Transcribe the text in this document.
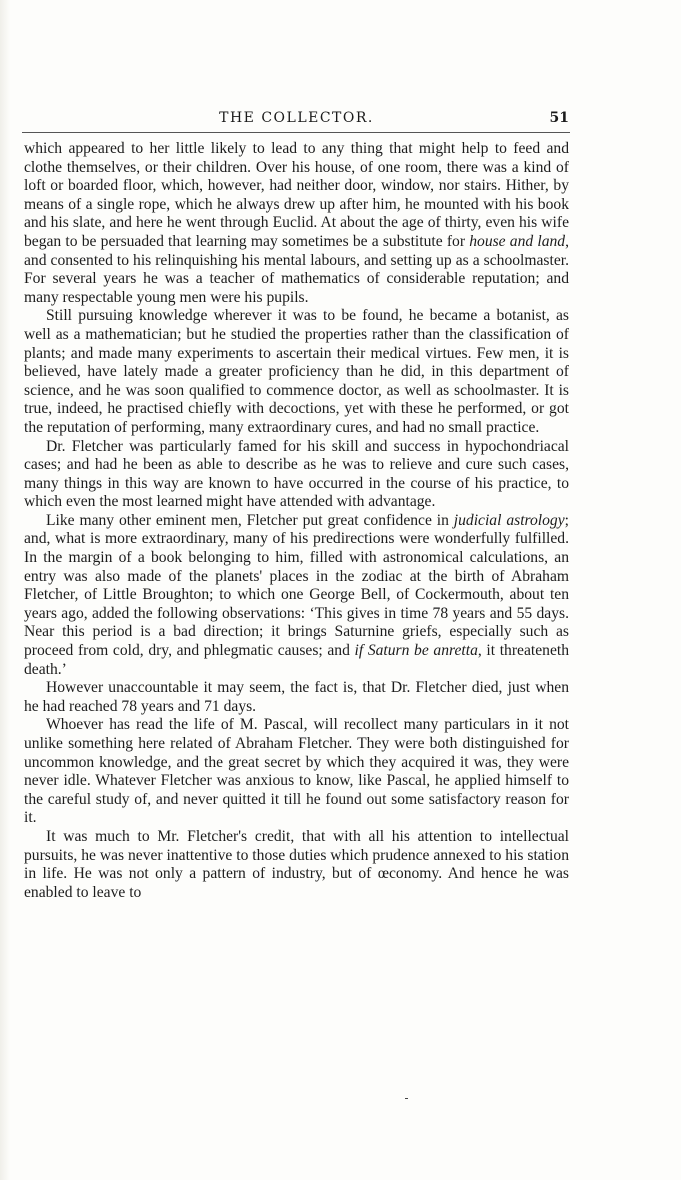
THE COLLECTOR.	51

which appeared to her little likely to lead to any thing that might help to feed and clothe themselves, or their children. Over his house, of one room, there was a kind of loft or boarded floor, which, however, had neither door, window, nor stairs. Hither, by means of a single rope, which he always drew up after him, he mounted with his book and his slate, and here he went through Euclid. At about the age of thirty, even his wife began to be persuaded that learning may sometimes be a substitute for house and land, and consented to his relinquishing his mental labours, and setting up as a schoolmaster. For several years he was a teacher of mathematics of considerable reputation; and many respectable young men were his pupils.

Still pursuing knowledge wherever it was to be found, he became a botanist, as well as a mathematician; but he studied the properties rather than the classification of plants; and made many experiments to ascertain their medical virtues. Few men, it is believed, have lately made a greater proficiency than he did, in this department of science, and he was soon qualified to commence doctor, as well as schoolmaster. It is true, indeed, he practised chiefly with decoctions, yet with these he performed, or got the reputation of performing, many extraordinary cures, and had no small practice.

Dr. Fletcher was particularly famed for his skill and success in hypochondriacal cases; and had he been as able to describe as he was to relieve and cure such cases, many things in this way are known to have occurred in the course of his practice, to which even the most learned might have attended with advantage.

Like many other eminent men, Fletcher put great confidence in judicial astrology; and, what is more extraordinary, many of his predirections were wonderfully fulfilled. In the margin of a book belonging to him, filled with astronomical calculations, an entry was also made of the planets' places in the zodiac at the birth of Abraham Fletcher, of Little Broughton; to which one George Bell, of Cockermouth, about ten years ago, added the following observations: ‘This gives in time 78 years and 55 days. Near this period is a bad direction; it brings Saturnine griefs, especially such as proceed from cold, dry, and phlegmatic causes; and if Saturn be anretta, it threateneth death.’

However unaccountable it may seem, the fact is, that Dr. Fletcher died, just when he had reached 78 years and 71 days.

Whoever has read the life of M. Pascal, will recollect many particulars in it not unlike something here related of Abraham Fletcher. They were both distinguished for uncommon knowledge, and the great secret by which they acquired it was, they were never idle. Whatever Fletcher was anxious to know, like Pascal, he applied himself to the careful study of, and never quitted it till he found out some satisfactory reason for it.

It was much to Mr. Fletcher's credit, that with all his attention to intellectual pursuits, he was never inattentive to those duties which prudence annexed to his station in life. He was not only a pattern of industry, but of œconomy. And hence he was enabled to leave to
